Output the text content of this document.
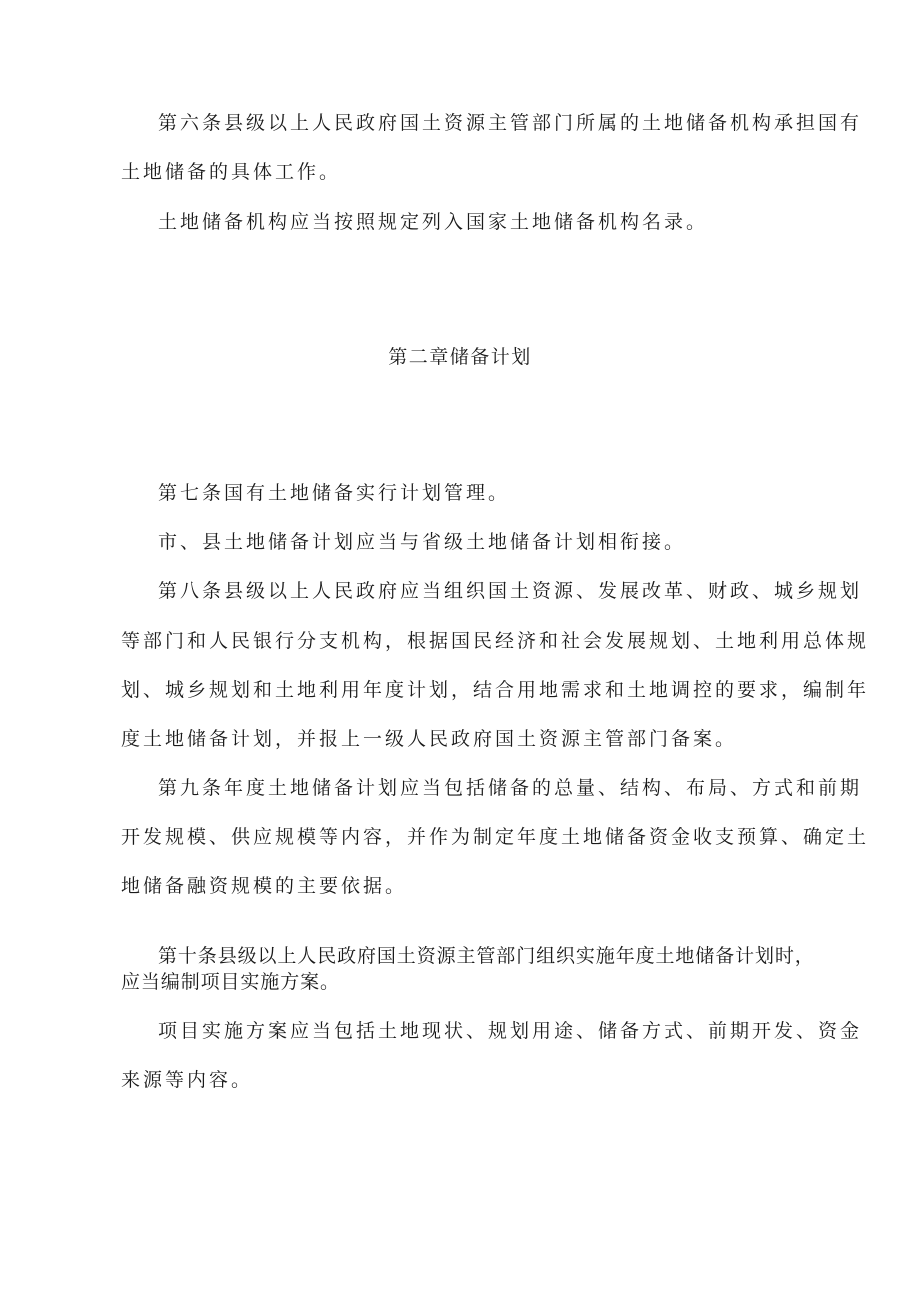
第六条县级以上人民政府国土资源主管部门所属的土地储备机构承担国有
土地储备的具体工作。
土地储备机构应当按照规定列入国家土地储备机构名录。
第二章储备计划
第七条国有土地储备实行计划管理。
市、县土地储备计划应当与省级土地储备计划相衔接。
第八条县级以上人民政府应当组织国土资源、发展改革、财政、城乡规划
等部门和人民银行分支机构，根据国民经济和社会发展规划、土地利用总体规
划、城乡规划和土地利用年度计划，结合用地需求和土地调控的要求，编制年
度土地储备计划，并报上一级人民政府国土资源主管部门备案。
第九条年度土地储备计划应当包括储备的总量、结构、布局、方式和前期
开发规模、供应规模等内容，并作为制定年度土地储备资金收支预算、确定土
地储备融资规模的主要依据。
第十条县级以上人民政府国土资源主管部门组织实施年度土地储备计划时，
应当编制项目实施方案。
项目实施方案应当包括土地现状、规划用途、储备方式、前期开发、资金
来源等内容。
